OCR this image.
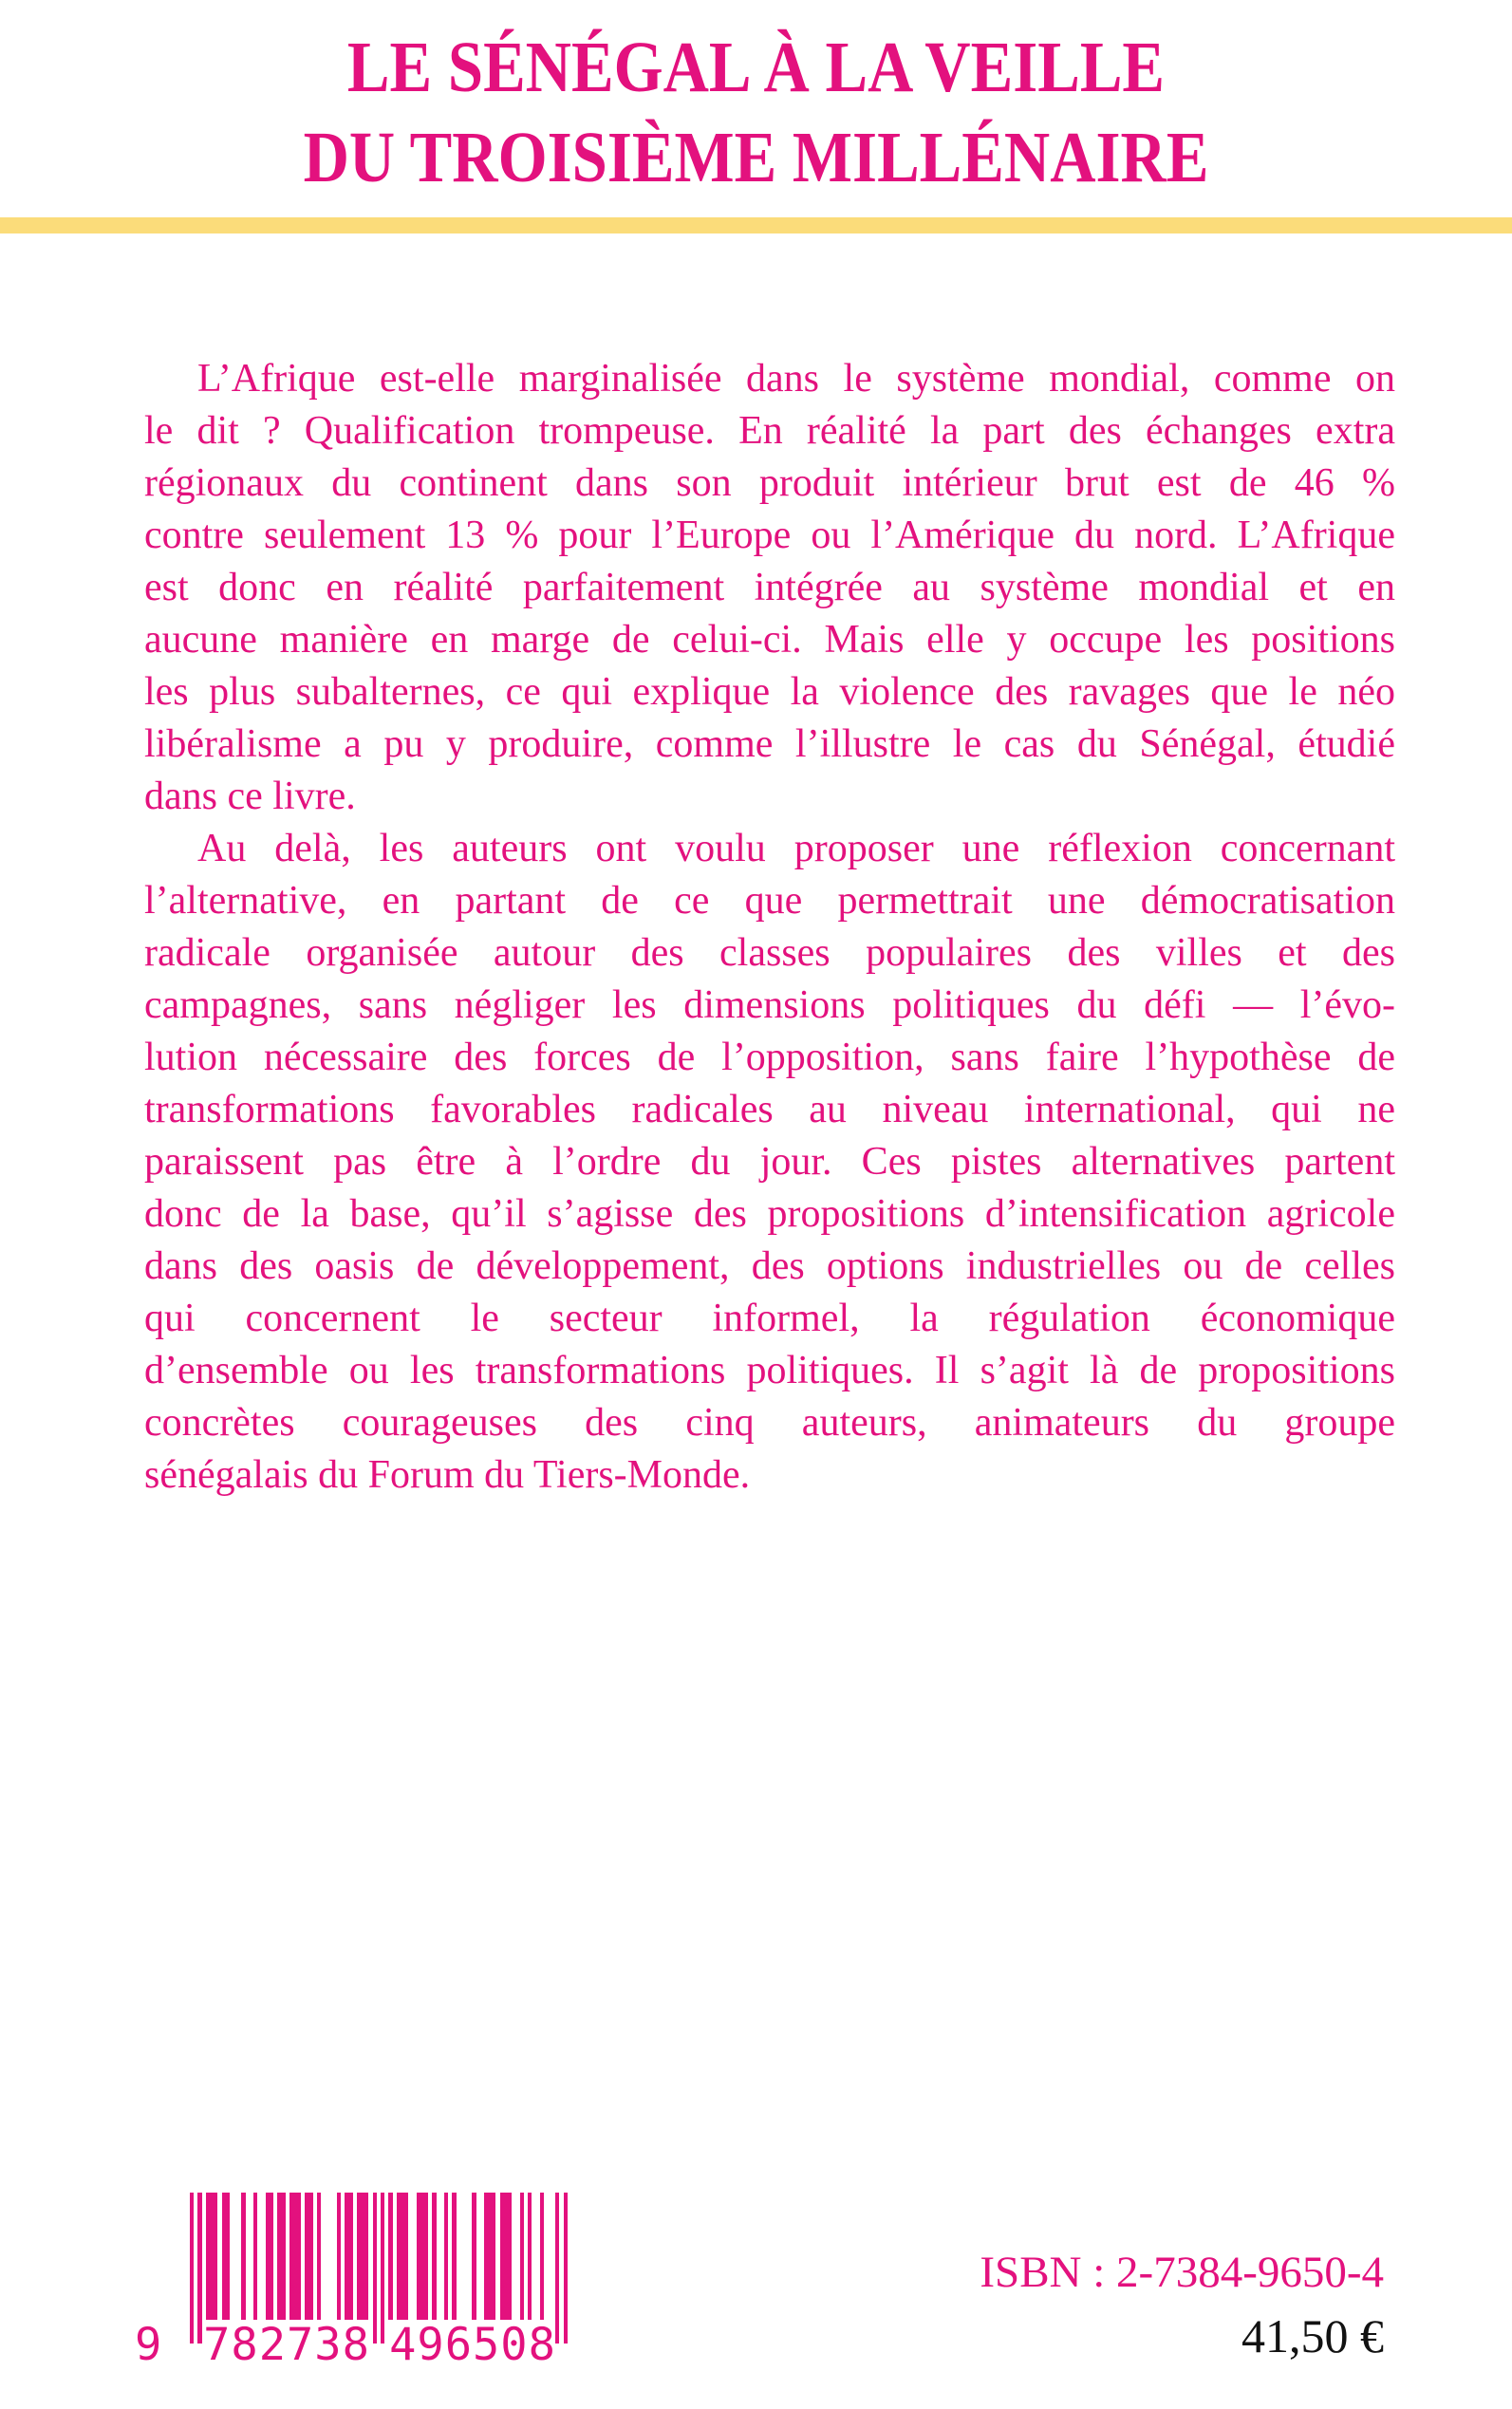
LE SÉNÉGAL À LA VEILLE
DU TROISIÈME MILLÉNAIRE
L’Afrique est-elle marginalisée dans le système mondial, comme on
le dit ? Qualification trompeuse. En réalité la part des échanges extra
régionaux du continent dans son produit intérieur brut est de 46 %
contre seulement 13 % pour l’Europe ou l’Amérique du nord. L’Afrique
est donc en réalité parfaitement intégrée au système mondial et en
aucune manière en marge de celui-ci. Mais elle y occupe les positions
les plus subalternes, ce qui explique la violence des ravages que le néo
libéralisme a pu y produire, comme l’illustre le cas du Sénégal, étudié
dans ce livre.
Au delà, les auteurs ont voulu proposer une réflexion concernant
l’alternative, en partant de ce que permettrait une démocratisation
radicale organisée autour des classes populaires des villes et des
campagnes, sans négliger les dimensions politiques du défi — l’évo-
lution nécessaire des forces de l’opposition, sans faire l’hypothèse de
transformations favorables radicales au niveau international, qui ne
paraissent pas être à l’ordre du jour. Ces pistes alternatives partent
donc de la base, qu’il s’agisse des propositions d’intensification agricole
dans des oasis de développement, des options industrielles ou de celles
qui concernent le secteur informel, la régulation économique
d’ensemble ou les transformations politiques. Il s’agit là de propositions
concrètes courageuses des cinq auteurs, animateurs du groupe
sénégalais du Forum du Tiers-Monde.
9 782738 496508
ISBN : 2-7384-9650-4
41,50 €
